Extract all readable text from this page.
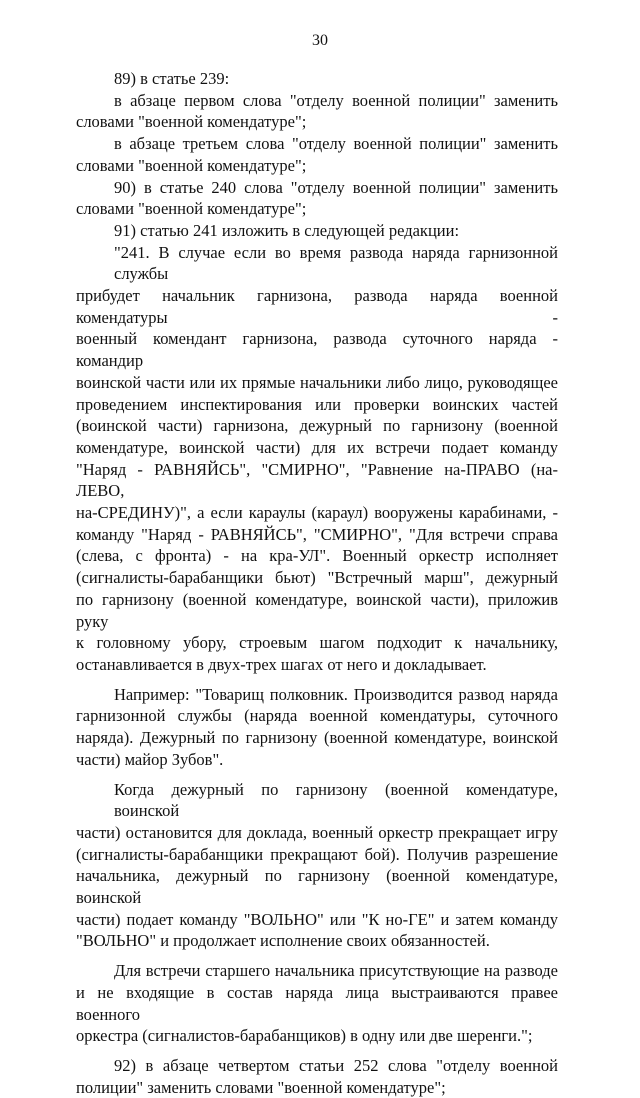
30

89) в статье 239:

в абзаце первом слова "отделу военной полиции" заменить
словами "военной комендатуре";

в абзаце третьем слова "отделу военной полиции" заменить
словами "военной комендатуре";

90) в статье 240 слова "отделу военной полиции" заменить
словами "военной комендатуре";

91) статью 241 изложить в следующей редакции:

"241. В случае если во время развода наряда гарнизонной службы
прибудет начальник гарнизона, развода наряда военной комендатуры -
военный комендант гарнизона, развода суточного наряда - командир
воинской части или их прямые начальники либо лицо, руководящее
проведением инспектирования или проверки воинских частей
(воинской части) гарнизона, дежурный по гарнизону (военной
комендатуре, воинской части) для их встречи подает команду
"Наряд - РАВНЯЙСЬ", "СМИРНО", "Равнение на-ПРАВО (на-ЛЕВО,
на-СРЕДИНУ)", а если караулы (караул) вооружены карабинами, -
команду "Наряд - РАВНЯЙСЬ", "СМИРНО", "Для встречи справа
(слева, с фронта) - на кра-УЛ". Военный оркестр исполняет
(сигналисты-барабанщики бьют) "Встречный марш", дежурный
по гарнизону (военной комендатуре, воинской части), приложив руку
к головному убору, строевым шагом подходит к начальнику,
останавливается в двух-трех шагах от него и докладывает.

Например: "Товарищ полковник. Производится развод наряда
гарнизонной службы (наряда военной комендатуры, суточного
наряда). Дежурный по гарнизону (военной комендатуре, воинской
части) майор Зубов".

Когда дежурный по гарнизону (военной комендатуре, воинской
части) остановится для доклада, военный оркестр прекращает игру
(сигналисты-барабанщики прекращают бой). Получив разрешение
начальника, дежурный по гарнизону (военной комендатуре, воинской
части) подает команду "ВОЛЬНО" или "К но-ГЕ" и затем команду
"ВОЛЬНО" и продолжает исполнение своих обязанностей.

Для встречи старшего начальника присутствующие на разводе
и не входящие в состав наряда лица выстраиваются правее военного
оркестра (сигналистов-барабанщиков) в одну или две шеренги.";

92) в абзаце четвертом статьи 252 слова "отделу военной
полиции" заменить словами "военной комендатуре";
